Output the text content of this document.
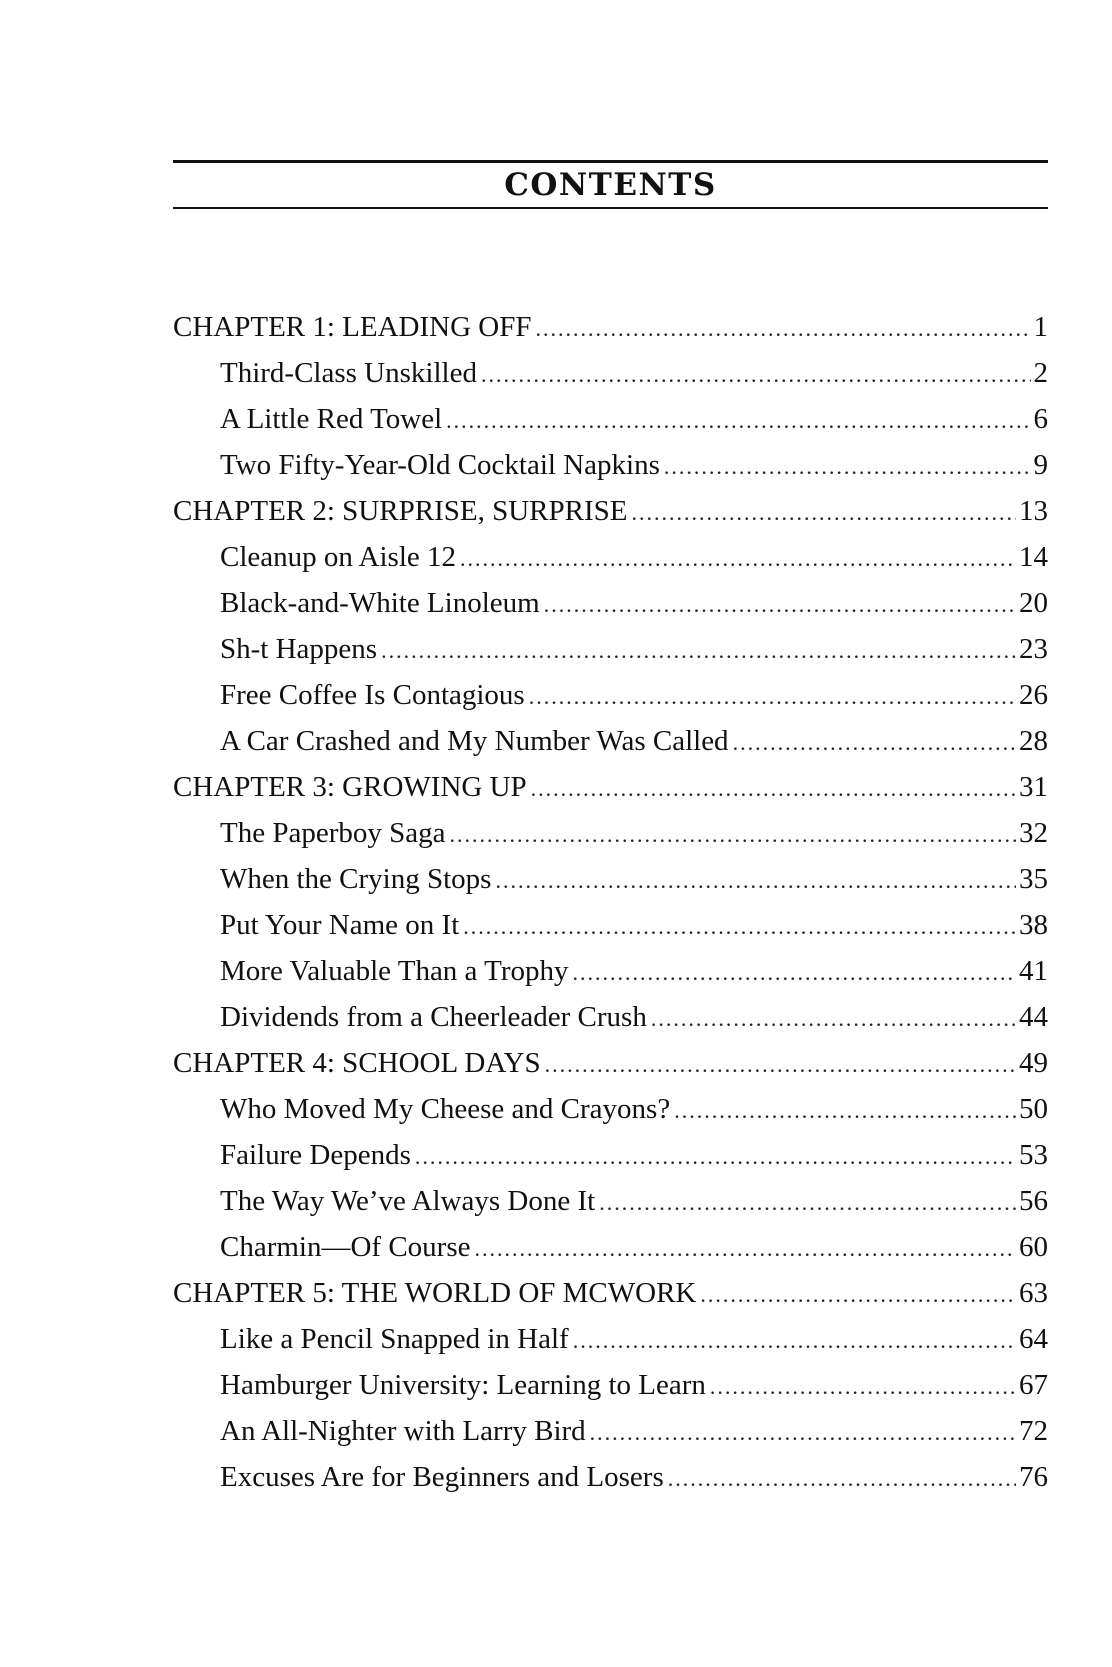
CONTENTS
CHAPTER 1: LEADING OFF .....	1
Third-Class Unskilled .....	2
A Little Red Towel .....	6
Two Fifty-Year-Old Cocktail Napkins .....	9
CHAPTER 2: SURPRISE, SURPRISE .....	13
Cleanup on Aisle 12 .....	14
Black-and-White Linoleum .....	20
Sh-t Happens .....	23
Free Coffee Is Contagious .....	26
A Car Crashed and My Number Was Called .....	28
CHAPTER 3: GROWING UP .....	31
The Paperboy Saga .....	32
When the Crying Stops .....	35
Put Your Name on It .....	38
More Valuable Than a Trophy .....	41
Dividends from a Cheerleader Crush .....	44
CHAPTER 4: SCHOOL DAYS .....	49
Who Moved My Cheese and Crayons? .....	50
Failure Depends .....	53
The Way We’ve Always Done It .....	56
Charmin—Of Course .....	60
CHAPTER 5: THE WORLD OF MCWORK .....	63
Like a Pencil Snapped in Half .....	64
Hamburger University: Learning to Learn .....	67
An All-Nighter with Larry Bird .....	72
Excuses Are for Beginners and Losers .....	76
